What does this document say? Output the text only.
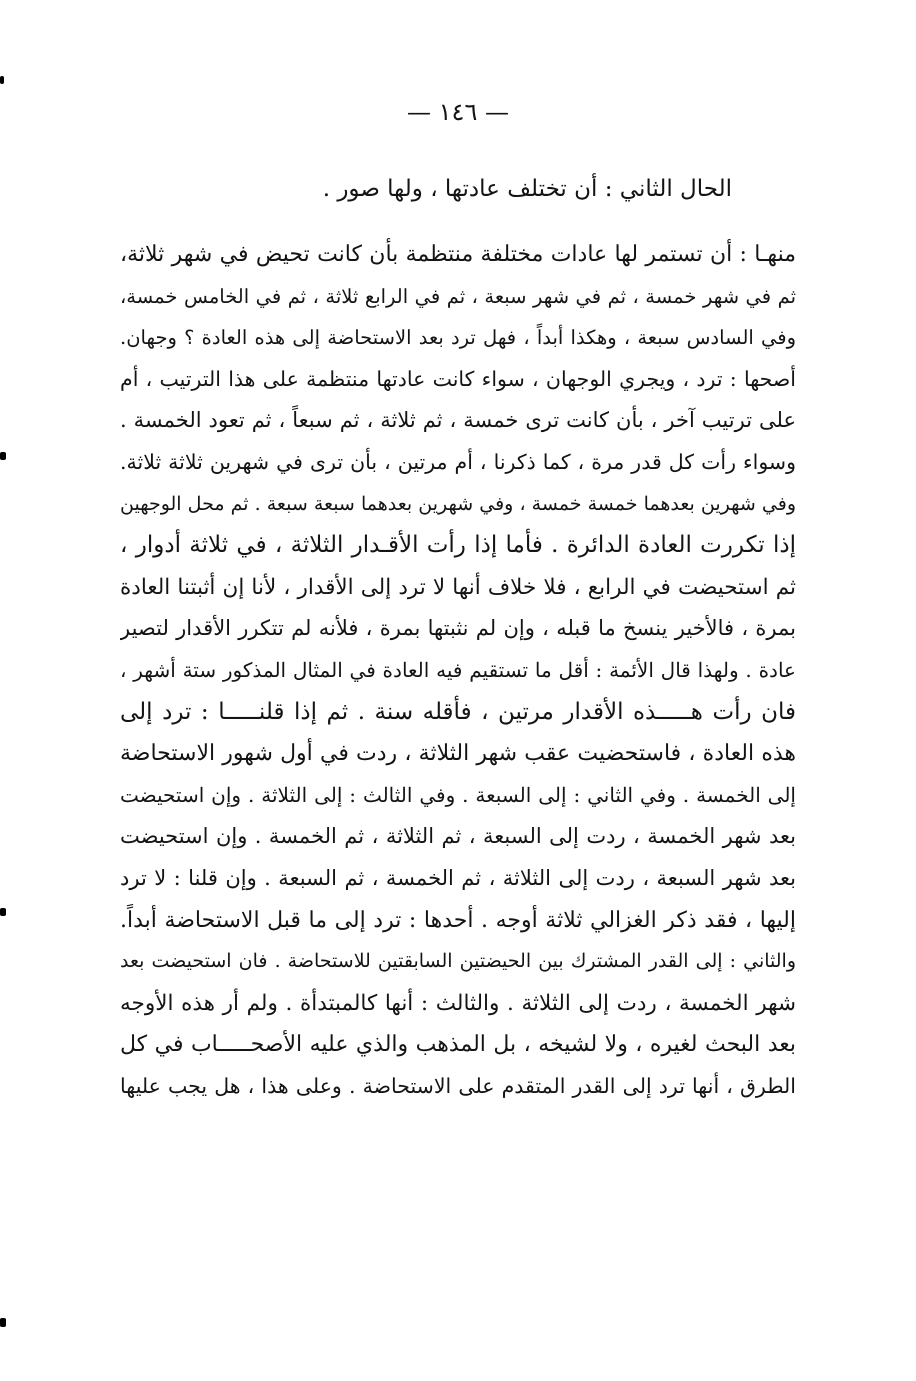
— ١٤٦ —
الحال الثاني : أن تختلف عادتها ، ولها صور .
منهـا : أن تستمر لها عادات مختلفة منتظمة بأن كانت تحيض في شهر ثلاثة،
ثم في شهر خمسة ، ثم في شهر سبعة ، ثم في الرابع ثلاثة ، ثم في الخامس خمسة،
وفي السادس سبعة ، وهكذا أبداً ، فهل ترد بعد الاستحاضة إلى هذه العادة ؟ وجهان.
أصحها : ترد ، ويجري الوجهان ، سواء كانت عادتها منتظمة على هذا الترتيب ، أم
على ترتيب آخر ، بأن كانت ترى خمسة ، ثم ثلاثة ، ثم سبعاً ، ثم تعود الخمسة .
وسواء رأت كل قدر مرة ، كما ذكرنا ، أم مرتين ، بأن ترى في شهرين ثلاثة ثلاثة.
وفي شهرين بعدهما خمسة خمسة ، وفي شهرين بعدهما سبعة سبعة . ثم محل الوجهين
إذا تكررت العادة الدائرة . فأما إذا رأت الأقـدار الثلاثة ، في ثلاثة أدوار ،
ثم استحيضت في الرابع ، فلا خلاف أنها لا ترد إلى الأقدار ، لأنا إن أثبتنا العادة
بمرة ، فالأخير ينسخ ما قبله ، وإن لم نثبتها بمرة ، فلأنه لم تتكرر الأقدار لتصير
عادة . ولهذا قال الأئمة : أقل ما تستقيم فيه العادة في المثال المذكور ستة أشهر ،
فان رأت هـــــذه الأقدار مرتين ، فأقله سنة . ثم إذا قلنـــــا : ترد إلى
هذه العادة ، فاستحضيت عقب شهر الثلاثة ، ردت في أول شهور الاستحاضة
إلى الخمسة . وفي الثاني : إلى السبعة . وفي الثالث : إلى الثلاثة . وإن استحيضت
بعد شهر الخمسة ، ردت إلى السبعة ، ثم الثلاثة ، ثم الخمسة . وإن استحيضت
بعد شهر السبعة ، ردت إلى الثلاثة ، ثم الخمسة ، ثم السبعة . وإن قلنا : لا ترد
إليها ، فقد ذكر الغزالي ثلاثة أوجه . أحدها : ترد إلى ما قبل الاستحاضة أبداً.
والثاني : إلى القدر المشترك بين الحيضتين السابقتين للاستحاضة . فان استحيضت بعد
شهر الخمسة ، ردت إلى الثلاثة . والثالث : أنها كالمبتدأة . ولم أر هذه الأوجه
بعد البحث لغيره ، ولا لشيخه ، بل المذهب والذي عليه الأصحـــــاب في كل
الطرق ، أنها ترد إلى القدر المتقدم على الاستحاضة . وعلى هذا ، هل يجب عليها
